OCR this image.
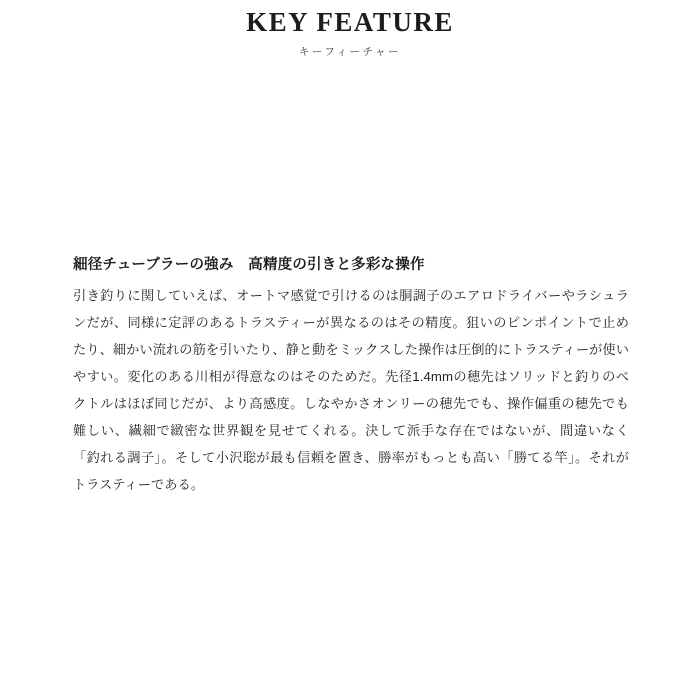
KEY FEATURE
キーフィーチャー
細径チューブラーの強み　高精度の引きと多彩な操作
引き釣りに関していえば、オートマ感覚で引けるのは胴調子のエアロドライバーやラシュランだが、同様に定評のあるトラスティーが異なるのはその精度。狙いのピンポイントで止めたり、細かい流れの筋を引いたり、静と動をミックスした操作は圧倒的にトラスティーが使いやすい。変化のある川相が得意なのはそのためだ。先径1.4mmの穂先はソリッドと釣りのベクトルはほぼ同じだが、より高感度。しなやかさオンリーの穂先でも、操作偏重の穂先でも難しい、繊細で緻密な世界観を見せてくれる。決して派手な存在ではないが、間違いなく「釣れる調子」。そして小沢聡が最も信頼を置き、勝率がもっとも高い「勝てる竿」。それがトラスティーである。
